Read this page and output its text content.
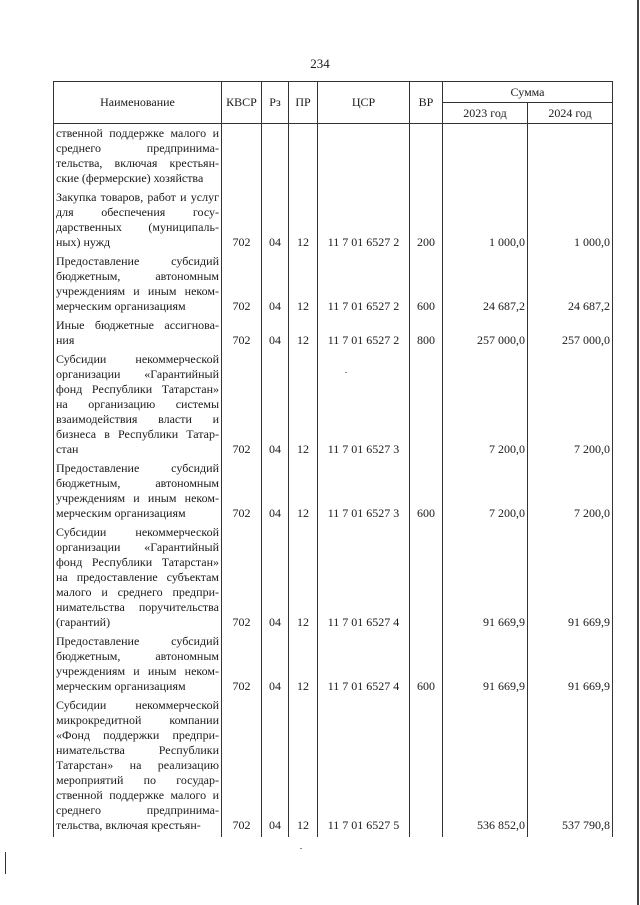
234
Наименование	КВСР	Рз	ПР	ЦСР	ВР	Сумма	
						2023 год	2024 год
ственной поддержке малого и среднего предпринима-тельства, включая крестьян-ские (фермерские) хозяйства							
Закупка товаров, работ и услуг для обеспечения госу-дарственных (муниципаль-ных) нужд	702	04	12	11 7 01 6527 2	200	1 000,0	1 000,0
Предоставление субсидий бюджетным, автономным учреждениям и иным неком-мерческим организациям	702	04	12	11 7 01 6527 2	600	24 687,2	24 687,2
Иные бюджетные ассигнова-ния	702	04	12	11 7 01 6527 2	800	257 000,0	257 000,0
Субсидии некоммерческой организации «Гарантийный фонд Республики Татарстан» на организацию системы взаимодействия власти и бизнеса в Республики Татар-стан	702	04	12	11 7 01 6527 3		7 200,0	7 200,0
Предоставление субсидий бюджетным, автономным учреждениям и иным неком-мерческим организациям	702	04	12	11 7 01 6527 3	600	7 200,0	7 200,0
Субсидии некоммерческой организации «Гарантийный фонд Республики Татарстан» на предоставление субъектам малого и среднего предпри-нимательства поручительства (гарантий)	702	04	12	11 7 01 6527 4		91 669,9	91 669,9
Предоставление субсидий бюджетным, автономным учреждениям и иным неком-мерческим организациям	702	04	12	11 7 01 6527 4	600	91 669,9	91 669,9
Субсидии некоммерческой микрокредитной компании «Фонд поддержки предпри-нимательства Республики Татарстан» на реализацию мероприятий по государ-ственной поддержке малого и среднего предпринима-тельства, включая крестьян-	702	04	12	11 7 01 6527 5		536 852,0	537 790,8
